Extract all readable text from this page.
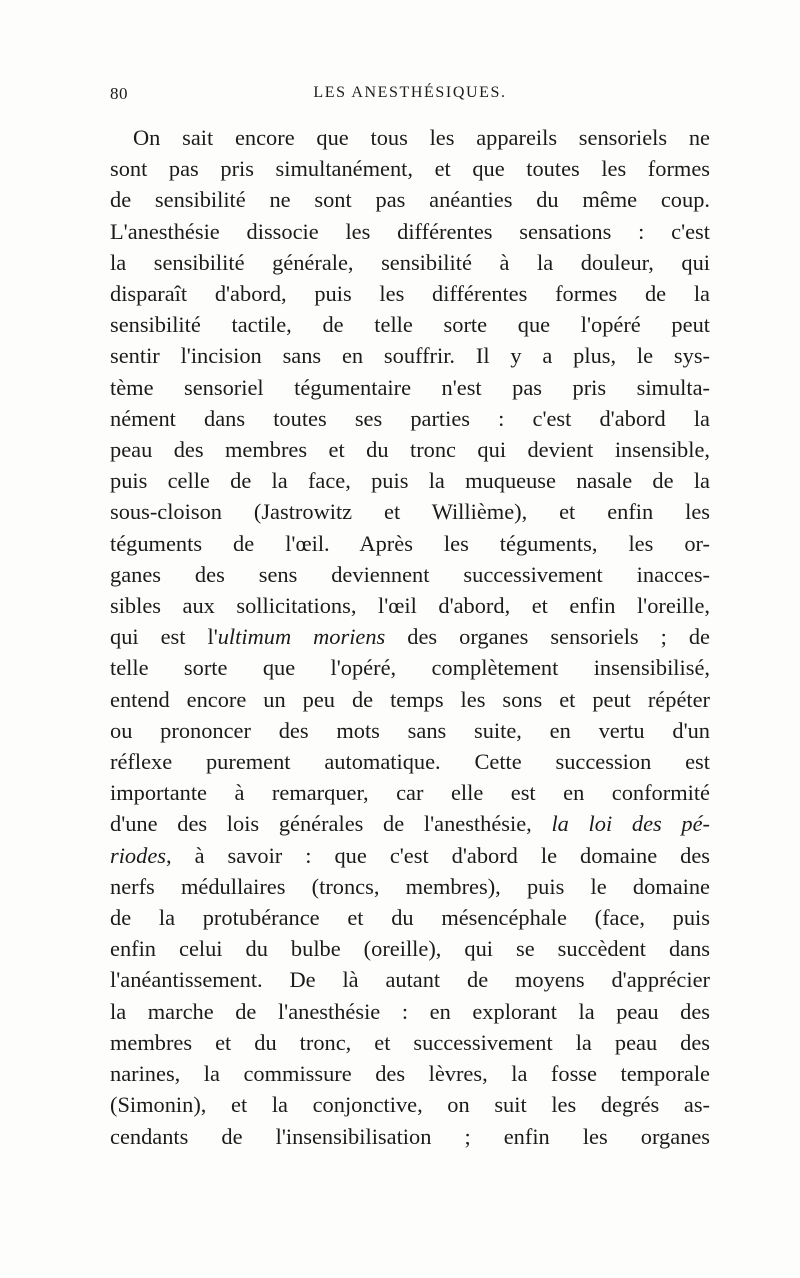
80	LES ANESTHÉSIQUES.
On sait encore que tous les appareils sensoriels ne
sont pas pris simultanément, et que toutes les formes
de sensibilité ne sont pas anéanties du même coup.
L'anesthésie dissocie les différentes sensations : c'est
la sensibilité générale, sensibilité à la douleur, qui
disparaît d'abord, puis les différentes formes de la
sensibilité tactile, de telle sorte que l'opéré peut
sentir l'incision sans en souffrir. Il y a plus, le sys-
tème sensoriel tégumentaire n'est pas pris simulta-
nément dans toutes ses parties : c'est d'abord la
peau des membres et du tronc qui devient insensible,
puis celle de la face, puis la muqueuse nasale de la
sous-cloison (Jastrowitz et Willième), et enfin les
téguments de l'œil. Après les téguments, les or-
ganes des sens deviennent successivement inacces-
sibles aux sollicitations, l'œil d'abord, et enfin l'oreille,
qui est l'ultimum moriens des organes sensoriels ; de
telle sorte que l'opéré, complètement insensibilisé,
entend encore un peu de temps les sons et peut répéter
ou prononcer des mots sans suite, en vertu d'un
réflexe purement automatique. Cette succession est
importante à remarquer, car elle est en conformité
d'une des lois générales de l'anesthésie, la loi des pé-
riodes, à savoir : que c'est d'abord le domaine des
nerfs médullaires (troncs, membres), puis le domaine
de la protubérance et du mésencéphale (face, puis
enfin celui du bulbe (oreille), qui se succèdent dans
l'anéantissement. De là autant de moyens d'apprécier
la marche de l'anesthésie : en explorant la peau des
membres et du tronc, et successivement la peau des
narines, la commissure des lèvres, la fosse temporale
(Simonin), et la conjonctive, on suit les degrés as-
cendants de l'insensibilisation ; enfin les organes
